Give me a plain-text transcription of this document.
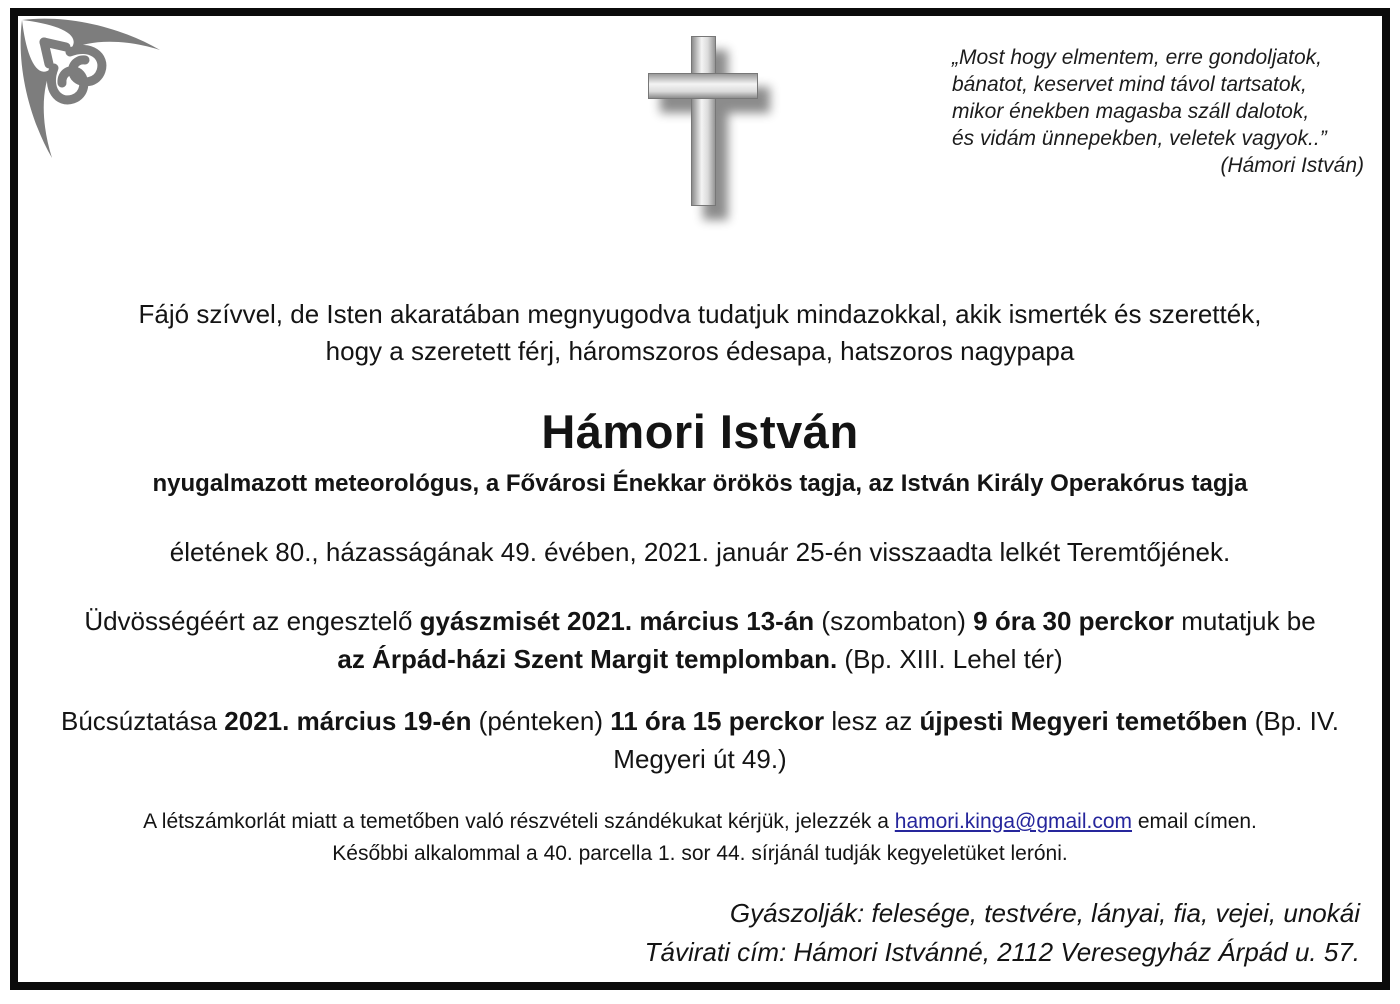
„Most hogy elmentem, erre gondoljatok,
bánatot, keservet mind távol tartsatok,
mikor énekben magasba száll dalotok,
és vidám ünnepekben, veletek vagyok..”
(Hámori István)
Fájó szívvel, de Isten akaratában megnyugodva tudatjuk mindazokkal, akik ismerték és szerették,
hogy a szeretett férj, háromszoros édesapa, hatszoros nagypapa
Hámori István
nyugalmazott meteorológus, a Fővárosi Énekkar örökös tagja, az István Király Operakórus tagja
életének 80., házasságának 49. évében, 2021. január 25-én visszaadta lelkét Teremtőjének.
Üdvösségéért az engesztelő gyászmisét 2021. március 13-án (szombaton) 9 óra 30 perckor mutatjuk be
az Árpád-házi Szent Margit templomban. (Bp. XIII. Lehel tér)
Búcsúztatása 2021. március 19-én (pénteken) 11 óra 15 perckor lesz az újpesti Megyeri temetőben (Bp. IV. Megyeri út 49.)
A létszámkorlát miatt a temetőben való részvételi szándékukat kérjük, jelezzék a hamori.kinga@gmail.com email címen.
Későbbi alkalommal a 40. parcella 1. sor 44. sírjánál tudják kegyeletüket leróni.
Gyászolják: felesége, testvére, lányai, fia, vejei, unokái
Távirati cím: Hámori Istvánné, 2112 Veresegyház Árpád u. 57.
